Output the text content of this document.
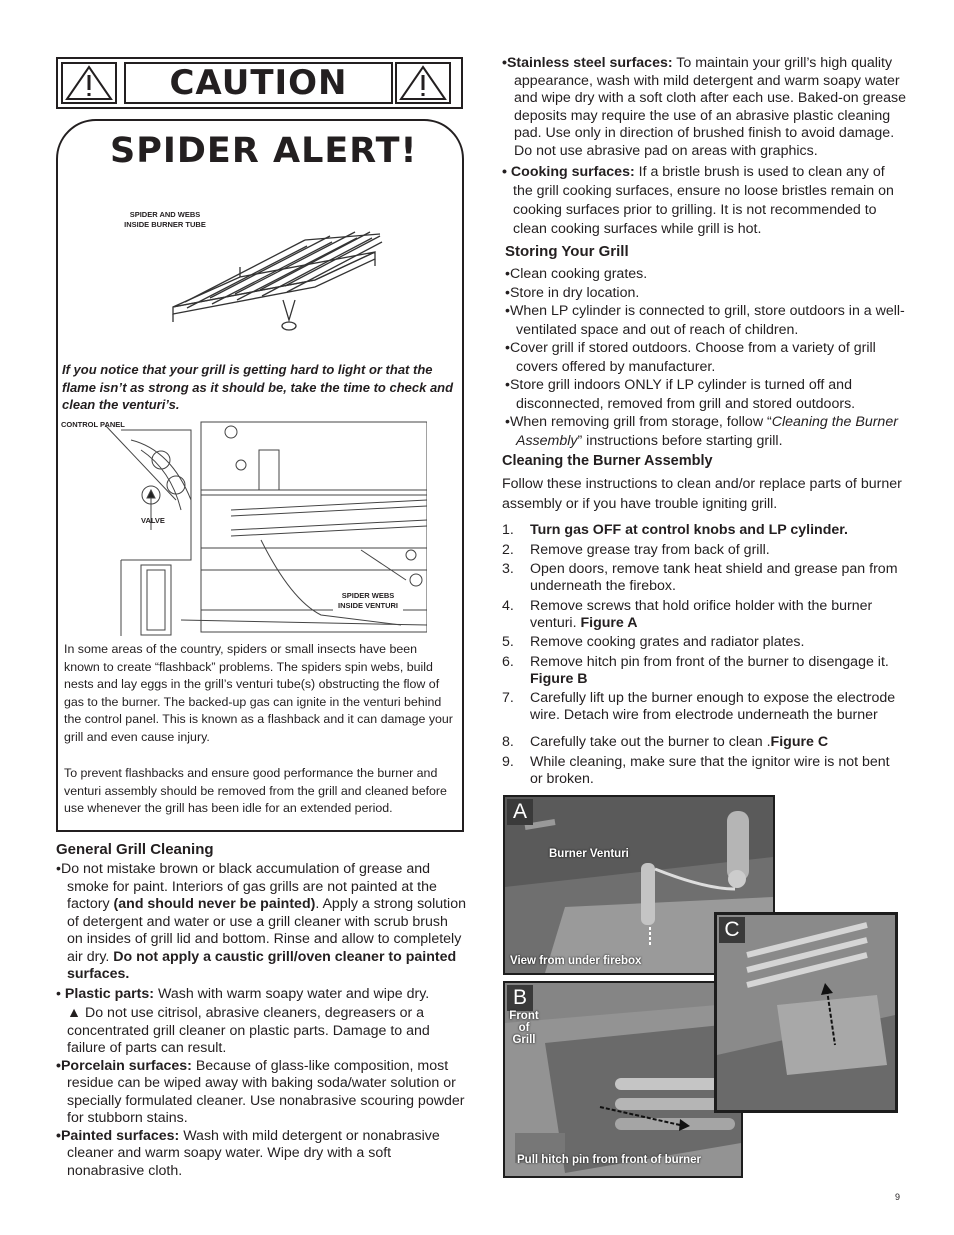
CAUTION
SPIDER ALERT!
SPIDER AND WEBS
INSIDE BURNER TUBE
If you notice that your grill is getting hard to light or that the flame isn’t as strong as it should be, take the time to check and clean the venturi’s.
CONTROL PANEL
VALVE
SPIDER WEBS
INSIDE VENTURI
In some areas of the country, spiders or small insects have been known to create “flashback” problems. The spiders spin webs, build nests and lay eggs in the grill’s venturi tube(s) obstructing the flow of gas to the burner. The backed-up gas can ignite in the venturi behind the control panel. This is known as a flashback and it can damage your grill and even cause injury.
To prevent flashbacks and ensure good performance the burner and venturi assembly should be removed from the grill and cleaned before use whenever the grill has been idle for an extended period.
General Grill Cleaning
•Do not mistake brown or black accumulation of grease and smoke for paint. Interiors of gas grills are not painted at the factory (and should never be painted). Apply a strong solution of detergent and water or use a grill cleaner with scrub brush on insides of grill lid and bottom. Rinse and allow to completely air dry. Do not apply a caustic grill/oven cleaner to painted surfaces.
• Plastic parts: Wash with warm soapy water and wipe dry.
▲ Do not use citrisol, abrasive cleaners, degreasers or a concentrated grill cleaner on plastic parts. Damage to and failure of parts can result.
•Porcelain surfaces: Because of glass-like composition, most residue can be wiped away with baking soda/water solution or specially formulated cleaner. Use nonabrasive scouring powder for stubborn stains.
•Painted surfaces: Wash with mild detergent or nonabrasive cleaner and warm soapy water. Wipe dry with a soft nonabrasive cloth.
•Stainless steel surfaces: To maintain your grill’s high quality appearance, wash with mild detergent and warm soapy water and wipe dry with a soft cloth after each use. Baked-on grease deposits may require the use of an abrasive plastic cleaning pad. Use only in direction of brushed finish to avoid damage. Do not use abrasive pad on areas with graphics.
• Cooking surfaces: If a bristle brush is used to clean any of the grill cooking surfaces, ensure no loose bristles remain on cooking surfaces prior to grilling. It is not recommended to clean cooking surfaces while grill is hot.
Storing Your Grill
•Clean cooking grates.
•Store in dry location.
•When LP cylinder is connected to grill, store outdoors in a well-ventilated space and out of reach of children.
•Cover grill if stored outdoors. Choose from a variety of grill covers offered by manufacturer.
•Store grill indoors ONLY if LP cylinder is turned off and disconnected, removed from grill and stored outdoors.
•When removing grill from storage, follow “Cleaning the Burner Assembly” instructions before starting grill.
Cleaning the Burner Assembly
Follow these instructions to clean and/or replace parts of burner assembly or if you have trouble igniting grill.
1. Turn gas OFF at control knobs and LP cylinder.
2. Remove grease tray from back of grill.
3. Open doors, remove tank heat shield and grease pan from underneath the firebox.
4. Remove screws that hold orifice holder with the burner venturi. Figure A
5. Remove cooking grates and radiator plates.
6. Remove hitch pin from front of the burner to disengage it. Figure B
7. Carefully lift up the burner enough to expose the electrode wire. Detach wire from electrode underneath the burner
8. Carefully take out the burner to clean .Figure C
9. While cleaning, make sure that the ignitor wire is not bent or broken.
A
Burner Venturi
View from under firebox
B
Front
of
Grill
Pull hitch pin from front of burner
C
9
